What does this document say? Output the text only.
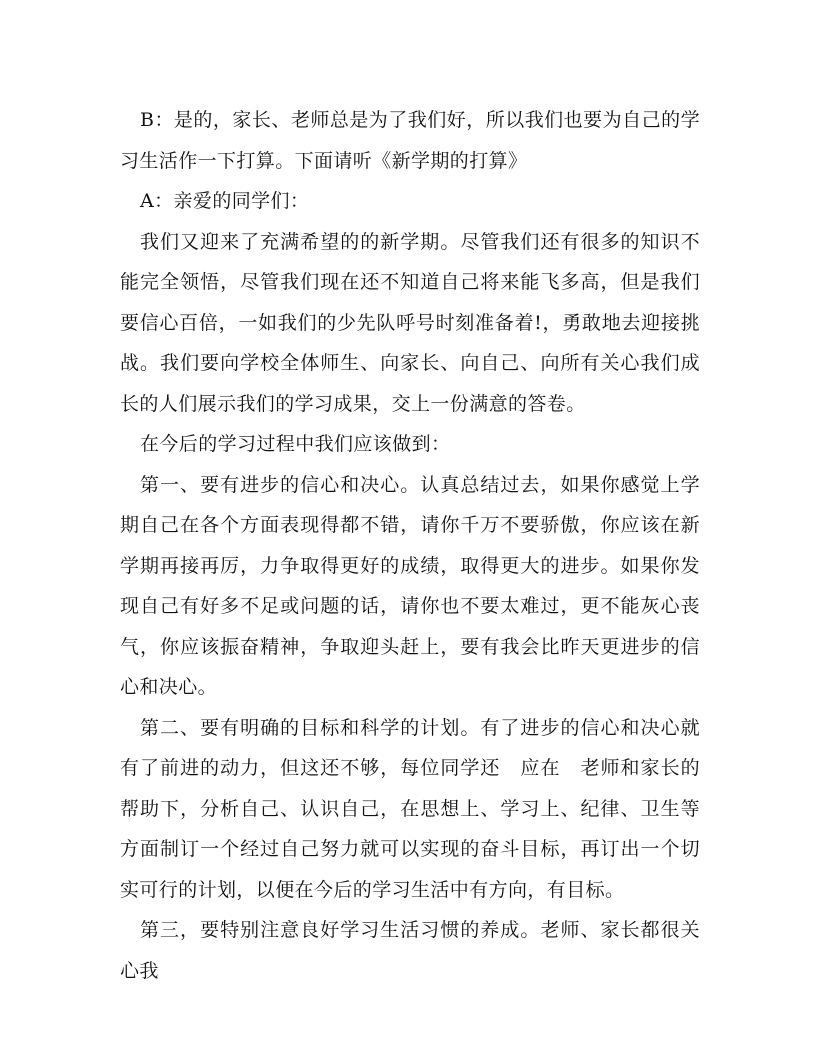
B：是的，家长、老师总是为了我们好，所以我们也要为自己的学习生活作一下打算。下面请听《新学期的打算》

A：亲爱的同学们：

我们又迎来了充满希望的的新学期。尽管我们还有很多的知识不能完全领悟，尽管我们现在还不知道自己将来能飞多高，但是我们要信心百倍，一如我们的少先队呼号时刻准备着!，勇敢地去迎接挑战。我们要向学校全体师生、向家长、向自己、向所有关心我们成长的人们展示我们的学习成果，交上一份满意的答卷。

在今后的学习过程中我们应该做到：

第一、要有进步的信心和决心。认真总结过去，如果你感觉上学期自己在各个方面表现得都不错，请你千万不要骄傲，你应该在新学期再接再厉，力争取得更好的成绩，取得更大的进步。如果你发现自己有好多不足或问题的话，请你也不要太难过，更不能灰心丧气，你应该振奋精神，争取迎头赶上，要有我会比昨天更进步的信心和决心。

第二、要有明确的目标和科学的计划。有了进步的信心和决心就有了前进的动力，但这还不够，每位同学还　应在　老师和家长的帮助下，分析自己、认识自己，在思想上、学习上、纪律、卫生等方面制订一个经过自己努力就可以实现的奋斗目标，再订出一个切实可行的计划，以便在今后的学习生活中有方向，有目标。

第三，要特别注意良好学习生活习惯的养成。老师、家长都很关心我
